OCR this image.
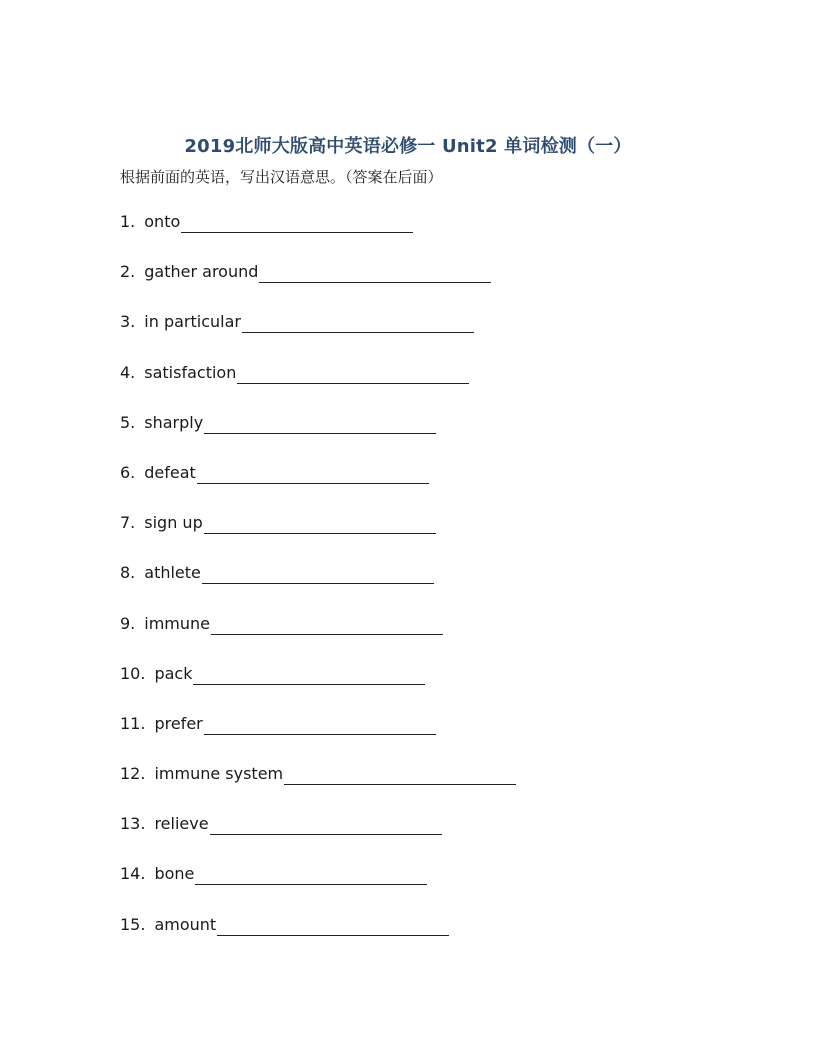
2019北师大版高中英语必修一 Unit2 单词检测（一）
根据前面的英语，写出汉语意思。（答案在后面）
1. onto
2. gather around
3. in particular
4. satisfaction
5. sharply
6. defeat
7. sign up
8. athlete
9. immune
10. pack
11. prefer
12. immune system
13. relieve
14. bone
15. amount
